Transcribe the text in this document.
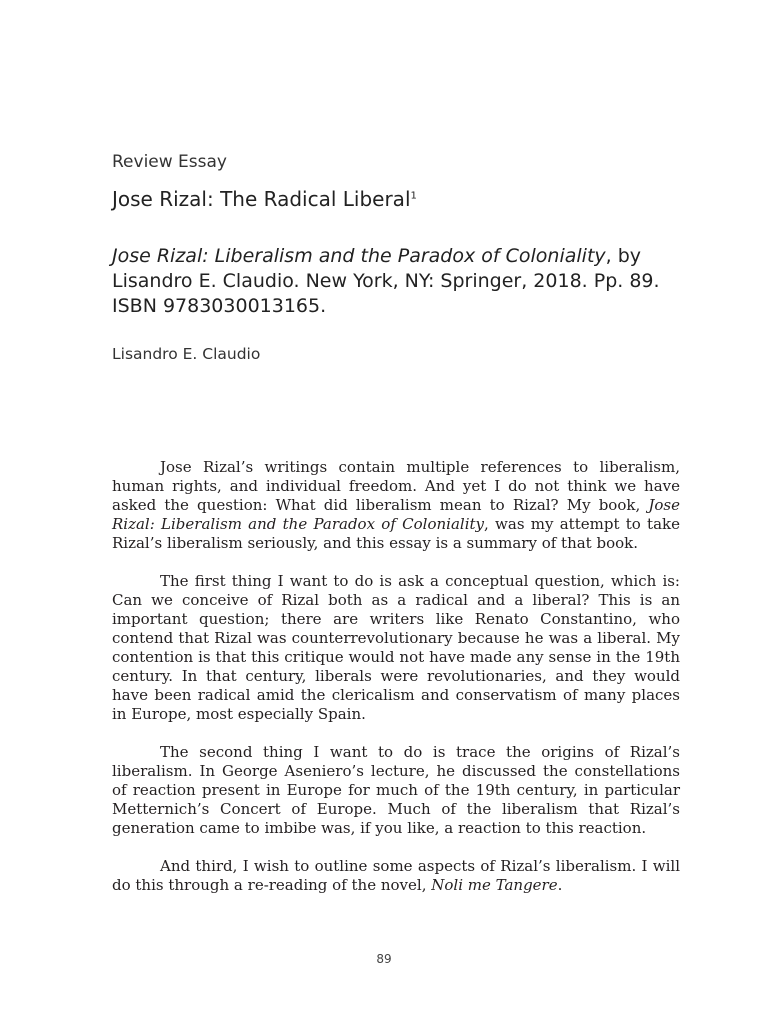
Review Essay

Jose Rizal: The Radical Liberal$^1$

Jose Rizal: Liberalism and the Paradox of Coloniality, by Lisandro E. Claudio. New York, NY: Springer, 2018. Pp. 89. ISBN 9783030013165.

Lisandro E. Claudio

Jose Rizal’s writings contain multiple references to liberalism, human rights, and individual freedom. And yet I do not think we have asked the question: What did liberalism mean to Rizal? My book, Jose Rizal: Liberalism and the Paradox of Coloniality, was my attempt to take Rizal’s liberalism seriously, and this essay is a summary of that book.

The first thing I want to do is ask a conceptual question, which is: Can we conceive of Rizal both as a radical and a liberal? This is an important question; there are writers like Renato Constantino, who contend that Rizal was counterrevolutionary because he was a liberal. My contention is that this critique would not have made any sense in the 19th century. In that century, liberals were revolutionaries, and they would have been radical amid the clericalism and conservatism of many places in Europe, most especially Spain.

The second thing I want to do is trace the origins of Rizal’s liberalism. In George Aseniero’s lecture, he discussed the constellations of reaction present in Europe for much of the 19th century, in particular Metternich’s Concert of Europe. Much of the liberalism that Rizal’s generation came to imbibe was, if you like, a reaction to this reaction.

And third, I wish to outline some aspects of Rizal’s liberalism. I will do this through a re-reading of the novel, Noli me Tangere.

89
